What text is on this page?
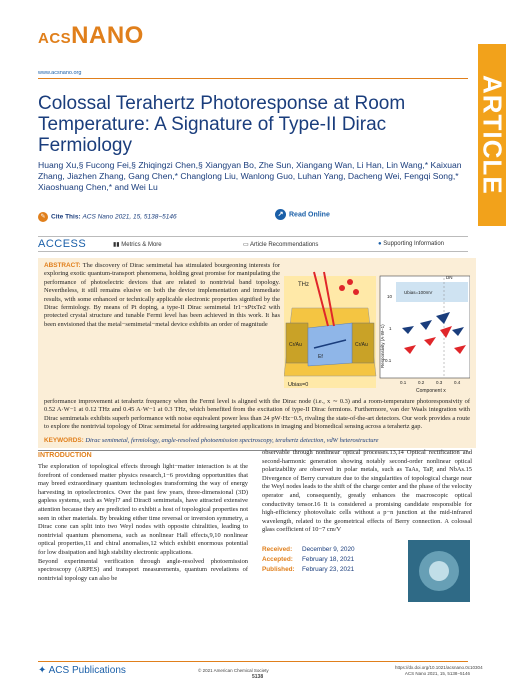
ACSNANO
www.acsnano.org
ARTICLE
Colossal Terahertz Photoresponse at Room Temperature: A Signature of Type-II Dirac Fermiology
Huang Xu,§ Fucong Fei,§ Zhiqingzi Chen,§ Xiangyan Bo, Zhe Sun, Xiangang Wan, Li Han, Lin Wang,* Kaixuan Zhang, Jiazhen Zhang, Gang Chen,* Changlong Liu, Wanlong Guo, Luhan Yang, Dacheng Wei, Fengqi Song,* Xiaoshuang Chen,* and Wei Lu
✎ Cite This: ACS Nano 2021, 15, 5138−5146	↗ Read Online
ACCESS	▮▮ Metrics & More	▭ Article Recommendations	● Supporting Information
ABSTRACT: The discovery of Dirac semimetal has stimulated bourgeoning interests for exploring exotic quantum-transport phenomena, holding great promise for manipulating the performance of photoelectric devices that are related to nontrivial band topology. Nevertheless, it still remains elusive on both the device implementation and immediate results, with some enhanced or technically applicable electronic properties signified by the Dirac fermiology. By means of Pt doping, a type-II Dirac semimetal Ir1−xPtxTe2 with protected crystal structure and tunable Fermi level has been achieved in this work. It has been envisioned that the metal−semimetal−metal device exhibits an order of magnitude
THz
Cr/Au	Cr/Au
Ef
Ubias=0
DN
Ubias=100mV
10
1
0.1
0.1	0.2	0.3	0.4
Component x
Responsivity (A·W−1)
performance improvement at terahertz frequency when the Fermi level is aligned with the Dirac node (i.e., x ∼ 0.3) and a room-temperature photoresponsivity of 0.52 A·W−1 at 0.12 THz and 0.45 A·W−1 at 0.3 THz, which benefited from the excitation of type-II Dirac fermions. Furthermore, van der Waals integration with Dirac semimetals exhibits superb performance with noise equivalent power less than 24 pW·Hz−0.5, rivaling the state-of-the-art detectors. Our work provides a route to explore the nontrivial topology of Dirac semimetal for addressing targeted applications in imaging and biomedical sensing across a terahertz gap.
KEYWORDS: Dirac semimetal, fermiology, angle-resolved photoemission spectroscopy, terahertz detection, vdW heterostructure
INTRODUCTION
The exploration of topological effects through light−matter interaction is at the forefront of condensed matter physics research,1−6 providing opportunities that may breed extraordinary quantum technologies transforming the way of energy harvesting in optoelectronics. Over the past few years, three-dimensional (3D) gapless systems, such as Weyl7 and Dirac8 semimetals, have attracted extensive attention because they are predicted to exhibit a host of topological properties not seen in other materials. By breaking either time reversal or inversion symmetry, a Dirac cone can split into two Weyl nodes with opposite chiralities, leading to nontrivial quantum phenomena, such as nonlinear Hall effects,9,10 nonlinear optical properties,11 and chiral anomalies,12 which exhibit enormous potential for low dissipation and high stability electronic applications.
Beyond experimental verification through angle-resolved photoemission spectroscopy (ARPES) and transport measurements, quantum revelations of nontrivial topology can also be
observable through nonlinear optical processes.13,14 Optical rectification and second-harmonic generation showing notably second-order nonlinear optical polarizability are observed in polar metals, such as TaAs, TaP, and NbAs.15 Divergence of Berry curvature due to the singularities of topological charge near the Weyl nodes leads to the shift of the charge center and the phase of the velocity operator and, consequently, greatly enhances the macroscopic optical conductivity tensor.16 It is considered a promising candidate responsible for high-efficiency photovoltaic cells without a p−n junction at the mid-infrared wavelength, related to the geometrical effects of Berry connection. A colossal glass coefficient of 10−7 cm/V
Received: December 9, 2020
Accepted: February 18, 2021
Published: February 23, 2021
✦ ACS Publications	© 2021 American Chemical Society
5138
https://dx.doi.org/10.1021/acsnano.0c10304
ACS Nano 2021, 15, 5138−5146
